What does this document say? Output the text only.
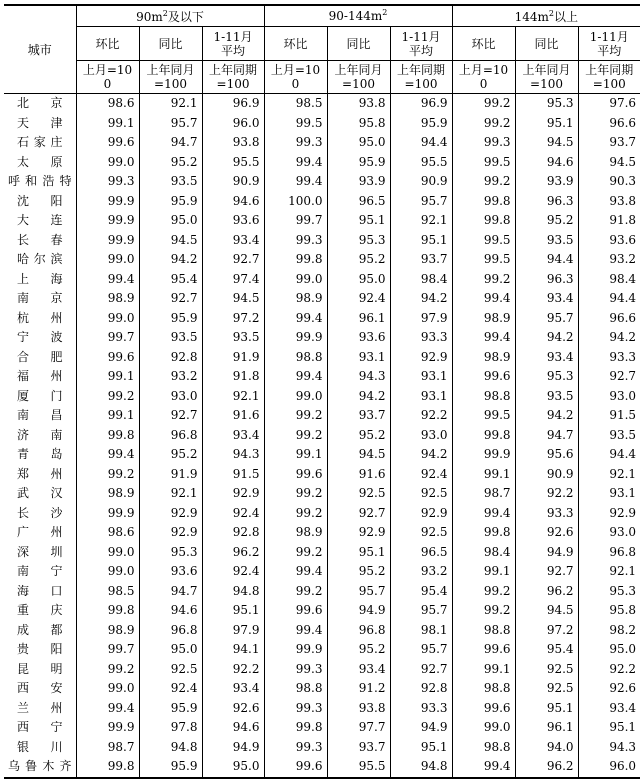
城市	$90m^2$及以下			$90-144m^2$			$144m^2$以上		
	环比	同比	1-11月平均	环比	同比	1-11月平均	环比	同比	1-11月平均
	上月=100	上年同月=100	上年同期=100	上月=100	上年同月=100	上年同期=100	上月=100	上年同月=100	上年同期=100
北京	98.6	92.1	96.9	98.5	93.8	96.9	99.2	95.3	97.6
天津	99.1	95.7	96.0	99.5	95.8	95.9	99.2	95.1	96.6
石家庄	99.6	94.7	93.8	99.3	95.0	94.4	99.3	94.5	93.7
太原	99.0	95.2	95.5	99.4	95.9	95.5	99.5	94.6	94.5
呼和浩特	99.3	93.5	90.9	99.4	93.9	90.9	99.2	93.9	90.3
沈阳	99.9	95.9	94.6	100.0	96.5	95.7	99.8	96.3	93.8
大连	99.9	95.0	93.6	99.7	95.1	92.1	99.8	95.2	91.8
长春	99.9	94.5	93.4	99.3	95.3	95.1	99.5	93.5	93.6
哈尔滨	99.0	94.2	92.7	99.8	95.2	93.7	99.5	94.4	93.2
上海	99.4	95.4	97.4	99.0	95.0	98.4	99.2	96.3	98.4
南京	98.9	92.7	94.5	98.9	92.4	94.2	99.4	93.4	94.4
杭州	99.0	95.9	97.2	99.4	96.1	97.9	98.9	95.7	96.6
宁波	99.7	93.5	93.5	99.9	93.6	93.3	99.4	94.2	94.2
合肥	99.6	92.8	91.9	98.8	93.1	92.9	98.9	93.4	93.3
福州	99.1	93.2	91.8	99.4	94.3	93.1	99.6	95.3	92.7
厦门	99.2	93.0	92.1	99.0	94.2	93.1	98.8	93.5	93.0
南昌	99.1	92.7	91.6	99.2	93.7	92.2	99.5	94.2	91.5
济南	99.8	96.8	93.4	99.2	95.2	93.0	99.8	94.7	93.5
青岛	99.4	95.2	94.3	99.1	94.5	94.2	99.9	95.6	94.4
郑州	99.2	91.9	91.5	99.6	91.6	92.4	99.1	90.9	92.1
武汉	98.9	92.1	92.9	99.2	92.5	92.5	98.7	92.2	93.1
长沙	99.9	92.9	92.4	99.2	92.7	92.9	99.4	93.3	92.9
广州	98.6	92.9	92.8	98.9	92.9	92.5	99.8	92.6	93.0
深圳	99.0	95.3	96.2	99.2	95.1	96.5	98.4	94.9	96.8
南宁	99.0	93.6	92.4	99.4	95.2	93.2	99.1	92.7	92.1
海口	98.5	94.7	94.8	99.2	95.7	95.4	99.2	96.2	95.3
重庆	99.8	94.6	95.1	99.6	94.9	95.7	99.2	94.5	95.8
成都	98.9	96.8	97.9	99.4	96.8	98.1	98.8	97.2	98.2
贵阳	99.7	95.0	94.1	99.9	95.2	95.7	99.6	95.4	95.0
昆明	99.2	92.5	92.2	99.3	93.4	92.7	99.1	92.5	92.2
西安	99.0	92.4	93.4	98.8	91.2	92.8	98.8	92.5	92.6
兰州	99.4	95.9	92.6	99.3	93.8	93.3	99.6	95.1	93.4
西宁	99.9	97.8	94.6	99.8	97.7	94.9	99.0	96.1	95.1
银川	98.7	94.8	94.9	99.3	93.7	95.1	98.8	94.0	94.3
乌鲁木齐	99.8	95.9	95.0	99.6	95.5	94.8	99.4	96.2	96.0
